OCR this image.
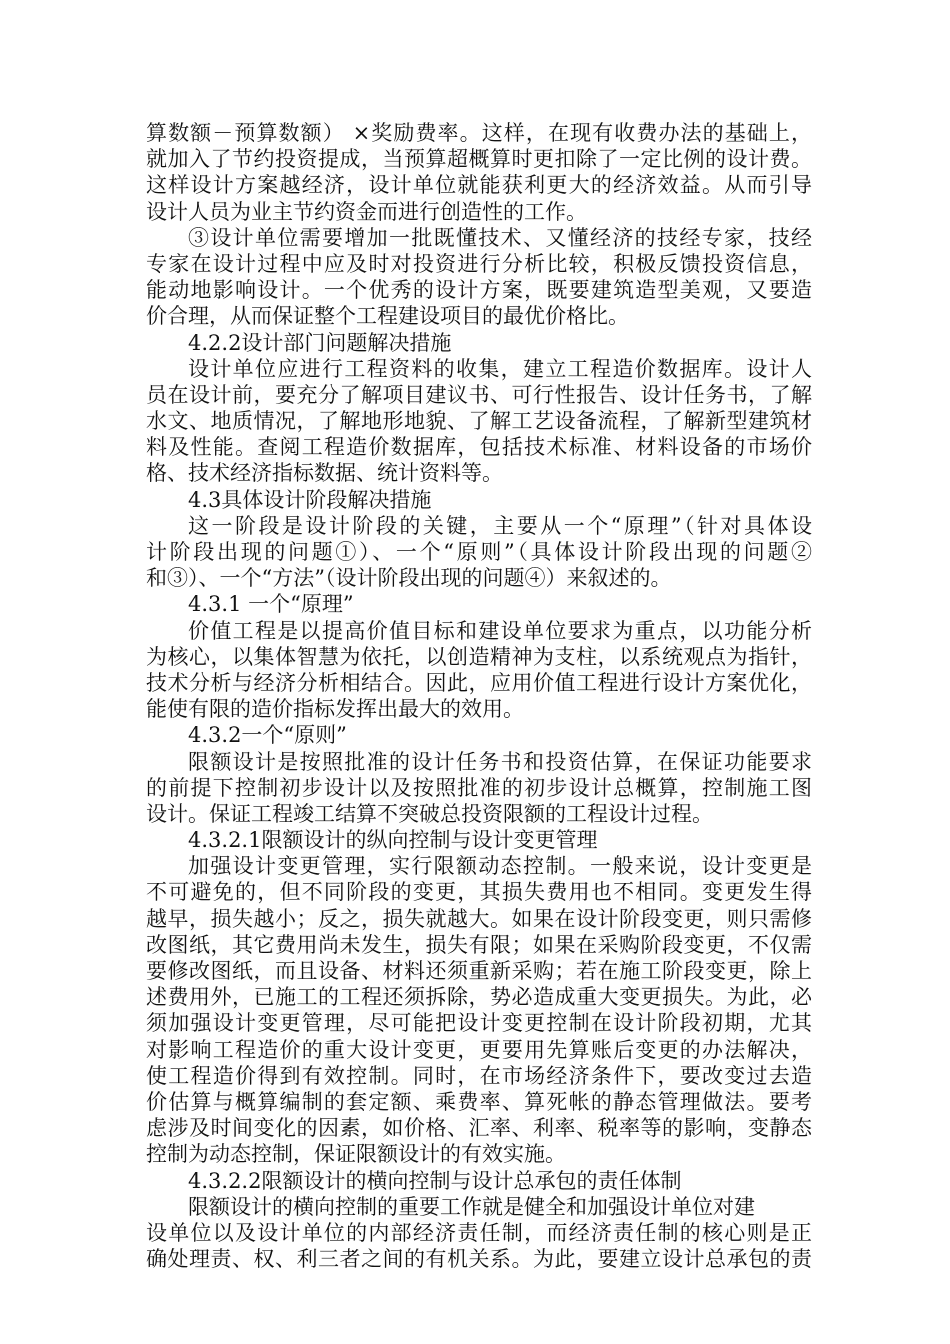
算数额－预算数额） ×奖励费率。这样，在现有收费办法的基础上，
就加入了节约投资提成，当预算超概算时更扣除了一定比例的设计费。
这样设计方案越经济，设计单位就能获利更大的经济效益。从而引导
设计人员为业主节约资金而进行创造性的工作。
③设计单位需要增加一批既懂技术、又懂经济的技经专家，技经
专家在设计过程中应及时对投资进行分析比较，积极反馈投资信息，
能动地影响设计。一个优秀的设计方案，既要建筑造型美观，又要造
价合理，从而保证整个工程建设项目的最优价格比。
4.2.2设计部门问题解决措施
设计单位应进行工程资料的收集，建立工程造价数据库。设计人
员在设计前，要充分了解项目建议书、可行性报告、设计任务书，了解
水文、地质情况，了解地形地貌、了解工艺设备流程，了解新型建筑材
料及性能。查阅工程造价数据库，包括技术标准、材料设备的市场价
格、技术经济指标数据、统计资料等。
4.3具体设计阶段解决措施
这一阶段是设计阶段的关键，主要从一个“原理”（针对具体设
计阶段出现的问题①）、一个“原则”（具体设计阶段出现的问题②
和③）、一个“方法”（设计阶段出现的问题④）来叙述的。
4.3.1 一个“原理”
价值工程是以提高价值目标和建设单位要求为重点，以功能分析
为核心，以集体智慧为依托，以创造精神为支柱，以系统观点为指针，
技术分析与经济分析相结合。因此，应用价值工程进行设计方案优化，
能使有限的造价指标发挥出最大的效用。
4.3.2一个“原则”
限额设计是按照批准的设计任务书和投资估算，在保证功能要求
的前提下控制初步设计以及按照批准的初步设计总概算，控制施工图
设计。保证工程竣工结算不突破总投资限额的工程设计过程。
4.3.2.1限额设计的纵向控制与设计变更管理
加强设计变更管理，实行限额动态控制。一般来说，设计变更是
不可避免的，但不同阶段的变更，其损失费用也不相同。变更发生得
越早，损失越小；反之，损失就越大。如果在设计阶段变更，则只需修
改图纸，其它费用尚未发生，损失有限；如果在采购阶段变更，不仅需
要修改图纸，而且设备、材料还须重新采购；若在施工阶段变更，除上
述费用外，已施工的工程还须拆除，势必造成重大变更损失。为此，必
须加强设计变更管理，尽可能把设计变更控制在设计阶段初期，尤其
对影响工程造价的重大设计变更，更要用先算账后变更的办法解决，
使工程造价得到有效控制。同时，在市场经济条件下，要改变过去造
价估算与概算编制的套定额、乘费率、算死帐的静态管理做法。要考
虑涉及时间变化的因素，如价格、汇率、利率、税率等的影响，变静态
控制为动态控制，保证限额设计的有效实施。
4.3.2.2限额设计的横向控制与设计总承包的责任体制
限额设计的横向控制的重要工作就是健全和加强设计单位对建
设单位以及设计单位的内部经济责任制，而经济责任制的核心则是正
确处理责、权、利三者之间的有机关系。为此，要建立设计总承包的责
